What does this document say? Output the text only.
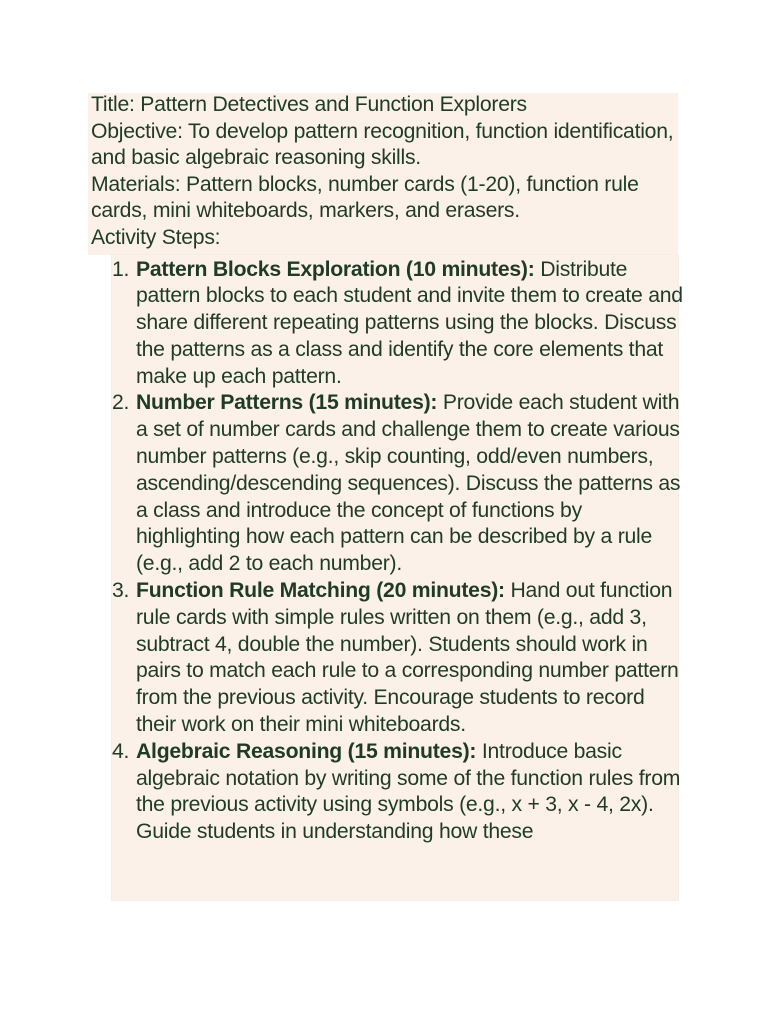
Title: Pattern Detectives and Function Explorers
Objective: To develop pattern recognition, function identification, and basic algebraic reasoning skills.
Materials: Pattern blocks, number cards (1-20), function rule cards, mini whiteboards, markers, and erasers.
Activity Steps:
1. Pattern Blocks Exploration (10 minutes): Distribute pattern blocks to each student and invite them to create and share different repeating patterns using the blocks. Discuss the patterns as a class and identify the core elements that make up each pattern.
2. Number Patterns (15 minutes): Provide each student with a set of number cards and challenge them to create various number patterns (e.g., skip counting, odd/even numbers, ascending/descending sequences). Discuss the patterns as a class and introduce the concept of functions by highlighting how each pattern can be described by a rule (e.g., add 2 to each number).
3. Function Rule Matching (20 minutes): Hand out function rule cards with simple rules written on them (e.g., add 3, subtract 4, double the number). Students should work in pairs to match each rule to a corresponding number pattern from the previous activity. Encourage students to record their work on their mini whiteboards.
4. Algebraic Reasoning (15 minutes): Introduce basic algebraic notation by writing some of the function rules from the previous activity using symbols (e.g., x + 3, x - 4, 2x). Guide students in understanding how these
